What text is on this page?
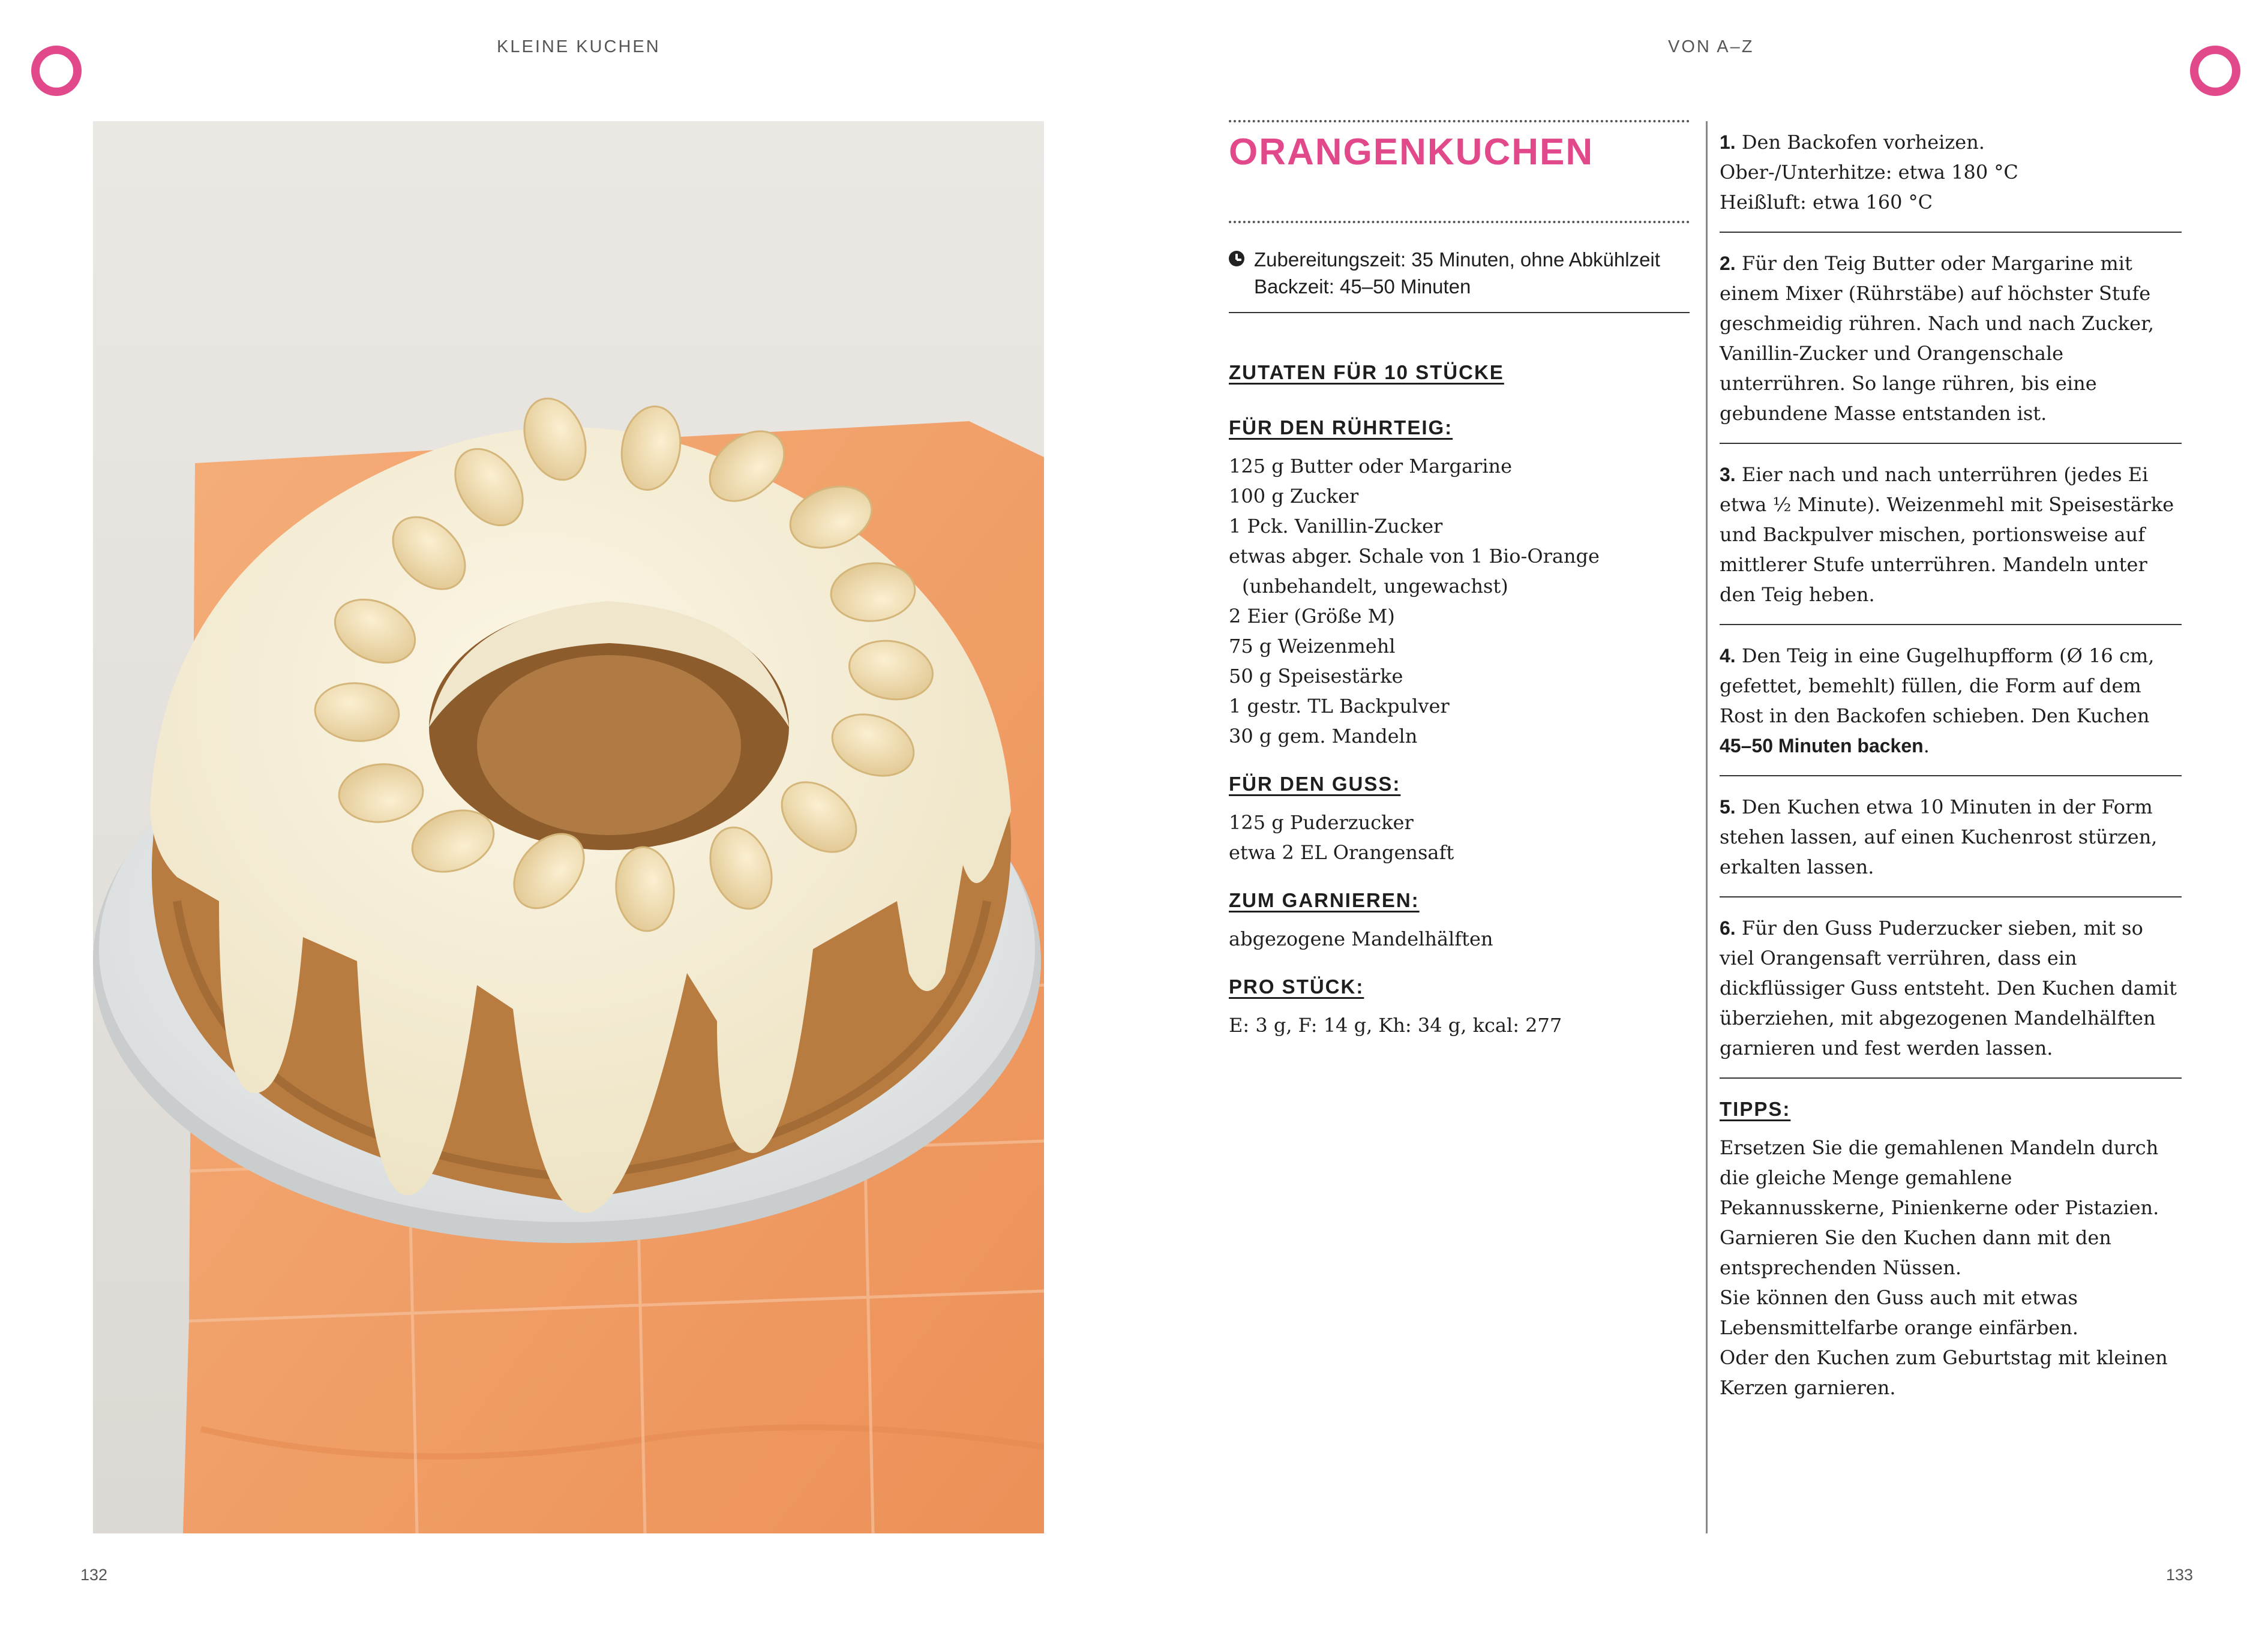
KLEINE KUCHEN	VON A–Z
ORANGENKUCHEN
Zubereitungszeit: 35 Minuten, ohne Abkühlzeit
Backzeit: 45–50 Minuten
ZUTATEN FÜR 10 STÜCKE
FÜR DEN RÜHRTEIG:
125 g Butter oder Margarine
100 g Zucker
1 Pck. Vanillin-Zucker
etwas abger. Schale von 1 Bio-Orange
(unbehandelt, ungewachst)
2 Eier (Größe M)
75 g Weizenmehl
50 g Speisestärke
1 gestr. TL Backpulver
30 g gem. Mandeln
FÜR DEN GUSS:
125 g Puderzucker
etwa 2 EL Orangensaft
ZUM GARNIEREN:
abgezogene Mandelhälften
PRO STÜCK:
E: 3 g, F: 14 g, Kh: 34 g, kcal: 277
1. Den Backofen vorheizen.
Ober-/Unterhitze: etwa 180 °C
Heißluft: etwa 160 °C
2. Für den Teig Butter oder Margarine mit einem Mixer (Rührstäbe) auf höchster Stufe geschmeidig rühren. Nach und nach Zucker, Vanillin-Zucker und Orangenschale unterrühren. So lange rühren, bis eine gebundene Masse entstanden ist.
3. Eier nach und nach unterrühren (jedes Ei etwa ½ Minute). Weizenmehl mit Speisestärke und Backpulver mischen, portionsweise auf mittlerer Stufe unterrühren. Mandeln unter den Teig heben.
4. Den Teig in eine Gugelhupfform (Ø 16 cm, gefettet, bemehlt) füllen, die Form auf dem Rost in den Backofen schieben. Den Kuchen 45–50 Minuten backen.
5. Den Kuchen etwa 10 Minuten in der Form stehen lassen, auf einen Kuchenrost stürzen, erkalten lassen.
6. Für den Guss Puderzucker sieben, mit so viel Orangensaft verrühren, dass ein dickflüssiger Guss entsteht. Den Kuchen damit überziehen, mit abgezogenen Mandelhälften garnieren und fest werden lassen.
TIPPS:
Ersetzen Sie die gemahlenen Mandeln durch die gleiche Menge gemahlene Pekannusskerne, Pinienkerne oder Pistazien. Garnieren Sie den Kuchen dann mit den entsprechenden Nüssen.
Sie können den Guss auch mit etwas Lebensmittelfarbe orange einfärben.
Oder den Kuchen zum Geburtstag mit kleinen Kerzen garnieren.
132	133
